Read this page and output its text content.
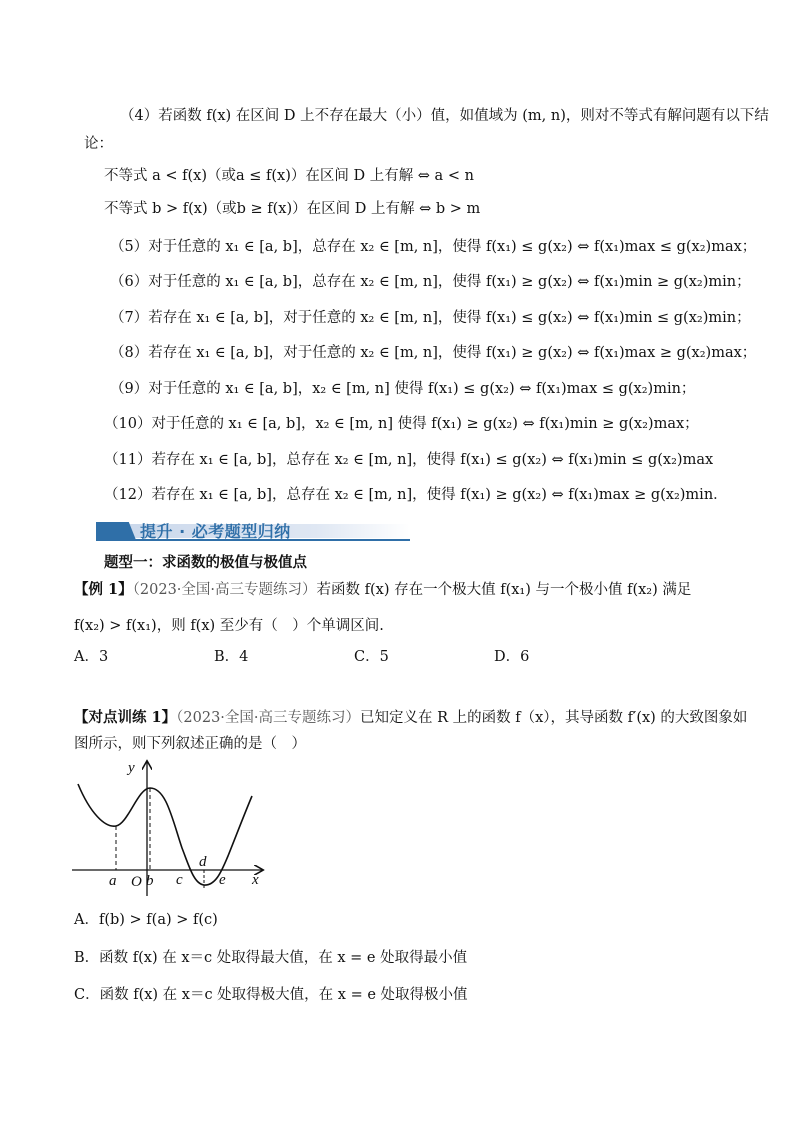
（4）若函数 f(x) 在区间 D 上不存在最大（小）值，如值域为 (m, n)，则对不等式有解问题有以下结
论：
不等式 a < f(x)（或a ≤ f(x)）在区间 D 上有解 ⇔ a < n
不等式 b > f(x)（或b ≥ f(x)）在区间 D 上有解 ⇔ b > m
（5）对于任意的 x₁ ∈ [a, b]，总存在 x₂ ∈ [m, n]，使得 f(x₁) ≤ g(x₂) ⇔ f(x₁)max ≤ g(x₂)max；
（6）对于任意的 x₁ ∈ [a, b]，总存在 x₂ ∈ [m, n]，使得 f(x₁) ≥ g(x₂) ⇔ f(x₁)min ≥ g(x₂)min；
（7）若存在 x₁ ∈ [a, b]，对于任意的 x₂ ∈ [m, n]，使得 f(x₁) ≤ g(x₂) ⇔ f(x₁)min ≤ g(x₂)min；
（8）若存在 x₁ ∈ [a, b]，对于任意的 x₂ ∈ [m, n]，使得 f(x₁) ≥ g(x₂) ⇔ f(x₁)max ≥ g(x₂)max；
（9）对于任意的 x₁ ∈ [a, b]，x₂ ∈ [m, n] 使得 f(x₁) ≤ g(x₂) ⇔ f(x₁)max ≤ g(x₂)min；
（10）对于任意的 x₁ ∈ [a, b]，x₂ ∈ [m, n] 使得 f(x₁) ≥ g(x₂) ⇔ f(x₁)min ≥ g(x₂)max；
（11）若存在 x₁ ∈ [a, b]，总存在 x₂ ∈ [m, n]，使得 f(x₁) ≤ g(x₂) ⇔ f(x₁)min ≤ g(x₂)max
（12）若存在 x₁ ∈ [a, b]，总存在 x₂ ∈ [m, n]，使得 f(x₁) ≥ g(x₂) ⇔ f(x₁)max ≥ g(x₂)min．
提升 · 必考题型归纳
题型一：求函数的极值与极值点
【例 1】（2023·全国·高三专题练习）若函数 f(x) 存在一个极大值 f(x₁) 与一个极小值 f(x₂) 满足
f(x₂) > f(x₁)，则 f(x) 至少有（　）个单调区间.
A．3	B．4	C．5	D．6
【对点训练 1】（2023·全国·高三专题练习）已知定义在 R 上的函数 f（x），其导函数 f′(x) 的大致图象如
图所示，则下列叙述正确的是（　）
y
x
a O b c
d
e
A．f(b) > f(a) > f(c)
B．函数 f(x) 在 x＝c 处取得最大值，在 x = e 处取得最小值
C．函数 f(x) 在 x＝c 处取得极大值，在 x = e 处取得极小值
